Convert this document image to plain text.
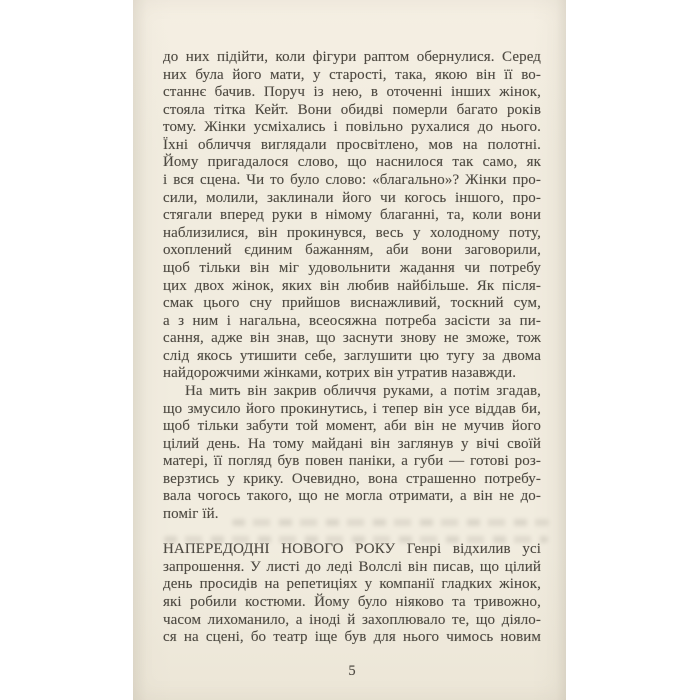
до них підійти, коли фігури раптом обернулися. Серед
них була його мати, у старості, така, якою він її во-
станнє бачив. Поруч із нею, в оточенні інших жінок,
стояла тітка Кейт. Вони обидві померли багато років
тому. Жінки усміхались і повільно рухалися до нього.
Їхні обличчя виглядали просвітлено, мов на полотні.
Йому пригадалося слово, що наснилося так само, як
і вся сцена. Чи то було слово: «благально»? Жінки про-
сили, молили, заклинали його чи когось іншого, про-
стягали вперед руки в німому благанні, та, коли вони
наблизилися, він прокинувся, весь у холодному поту,
охоплений єдиним бажанням, аби вони заговорили,
щоб тільки він міг удовольнити жадання чи потребу
цих двох жінок, яких він любив найбільше. Як після-
смак цього сну прийшов виснажливий, тоскний сум,
а з ним і нагальна, всеосяжна потреба засісти за пи-
сання, адже він знав, що заснути знову не зможе, тож
слід якось утишити себе, заглушити цю тугу за двома
найдорожчими жінками, котрих він утратив назавжди.
На мить він закрив обличчя руками, а потім згадав,
що змусило його прокинутись, і тепер він усе віддав би,
щоб тільки забути той момент, аби він не мучив його
цілий день. На тому майдані він заглянув у вічі своїй
матері, її погляд був повен паніки, а губи — готові роз-
верзтись у крику. Очевидно, вона страшенно потребу-
вала чогось такого, що не могла отримати, а він не до-
поміг їй.
НАПЕРЕДОДНІ НОВОГО РОКУ Генрі відхилив усі
запрошення. У листі до леді Волслі він писав, що цілий
день просидів на репетиціях у компанії гладких жінок,
які робили костюми. Йому було ніяково та тривожно,
часом лихоманило, а іноді й захоплювало те, що діяло-
ся на сцені, бо театр іще був для нього чимось новим
5
